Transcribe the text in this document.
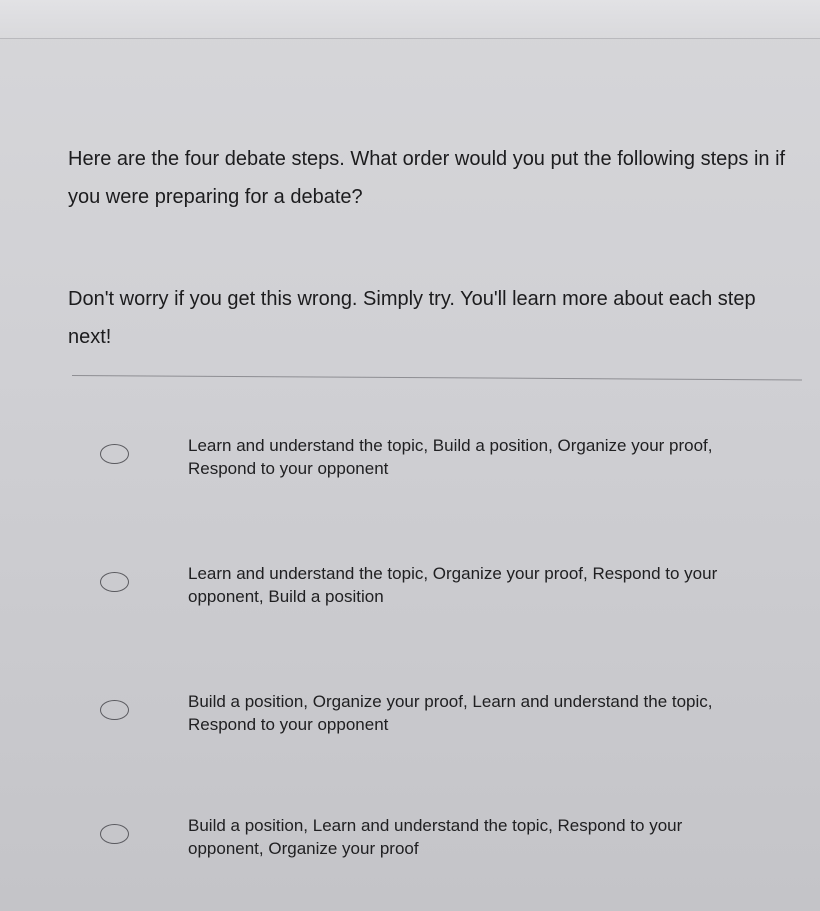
Here are the four debate steps. What order would you put the following steps in if you were preparing for a debate?

Don't worry if you get this wrong. Simply try. You'll learn more about each step next!

Learn and understand the topic, Build a position, Organize your proof, Respond to your opponent
Learn and understand the topic, Organize your proof, Respond to your opponent, Build a position
Build a position, Organize your proof, Learn and understand the topic, Respond to your opponent
Build a position, Learn and understand the topic, Respond to your opponent, Organize your proof
